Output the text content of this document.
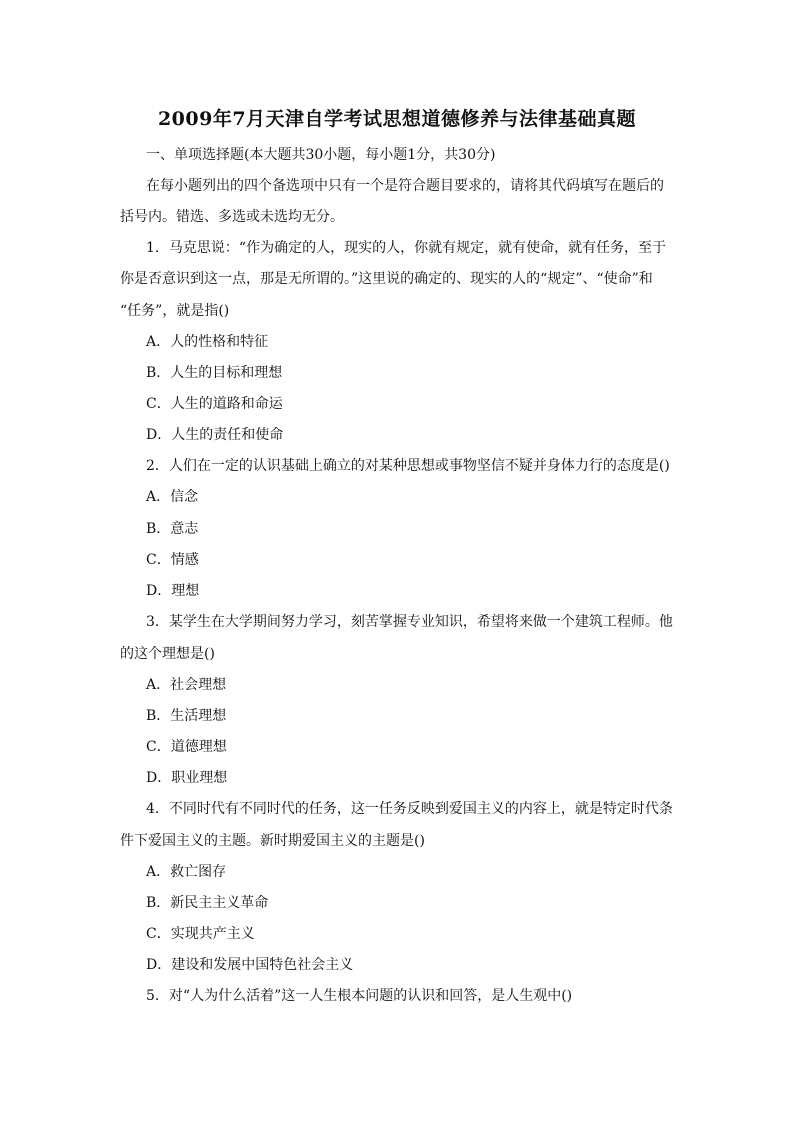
2009年7月天津自学考试思想道德修养与法律基础真题
一、单项选择题(本大题共30小题，每小题1分，共30分)
在每小题列出的四个备选项中只有一个是符合题目要求的，请将其代码填写在题后的
括号内。错选、多选或未选均无分。
1．马克思说：“作为确定的人，现实的人，你就有规定，就有使命，就有任务，至于
你是否意识到这一点，那是无所谓的。”这里说的确定的、现实的人的“规定”、“使命”和
“任务”，就是指()
A．人的性格和特征
B．人生的目标和理想
C．人生的道路和命运
D．人生的责任和使命
2．人们在一定的认识基础上确立的对某种思想或事物坚信不疑并身体力行的态度是()
A．信念
B．意志
C．情感
D．理想
3．某学生在大学期间努力学习，刻苦掌握专业知识，希望将来做一个建筑工程师。他
的这个理想是()
A．社会理想
B．生活理想
C．道德理想
D．职业理想
4．不同时代有不同时代的任务，这一任务反映到爱国主义的内容上，就是特定时代条
件下爱国主义的主题。新时期爱国主义的主题是()
A．救亡图存
B．新民主主义革命
C．实现共产主义
D．建设和发展中国特色社会主义
5．对“人为什么活着”这一人生根本问题的认识和回答，是人生观中()
